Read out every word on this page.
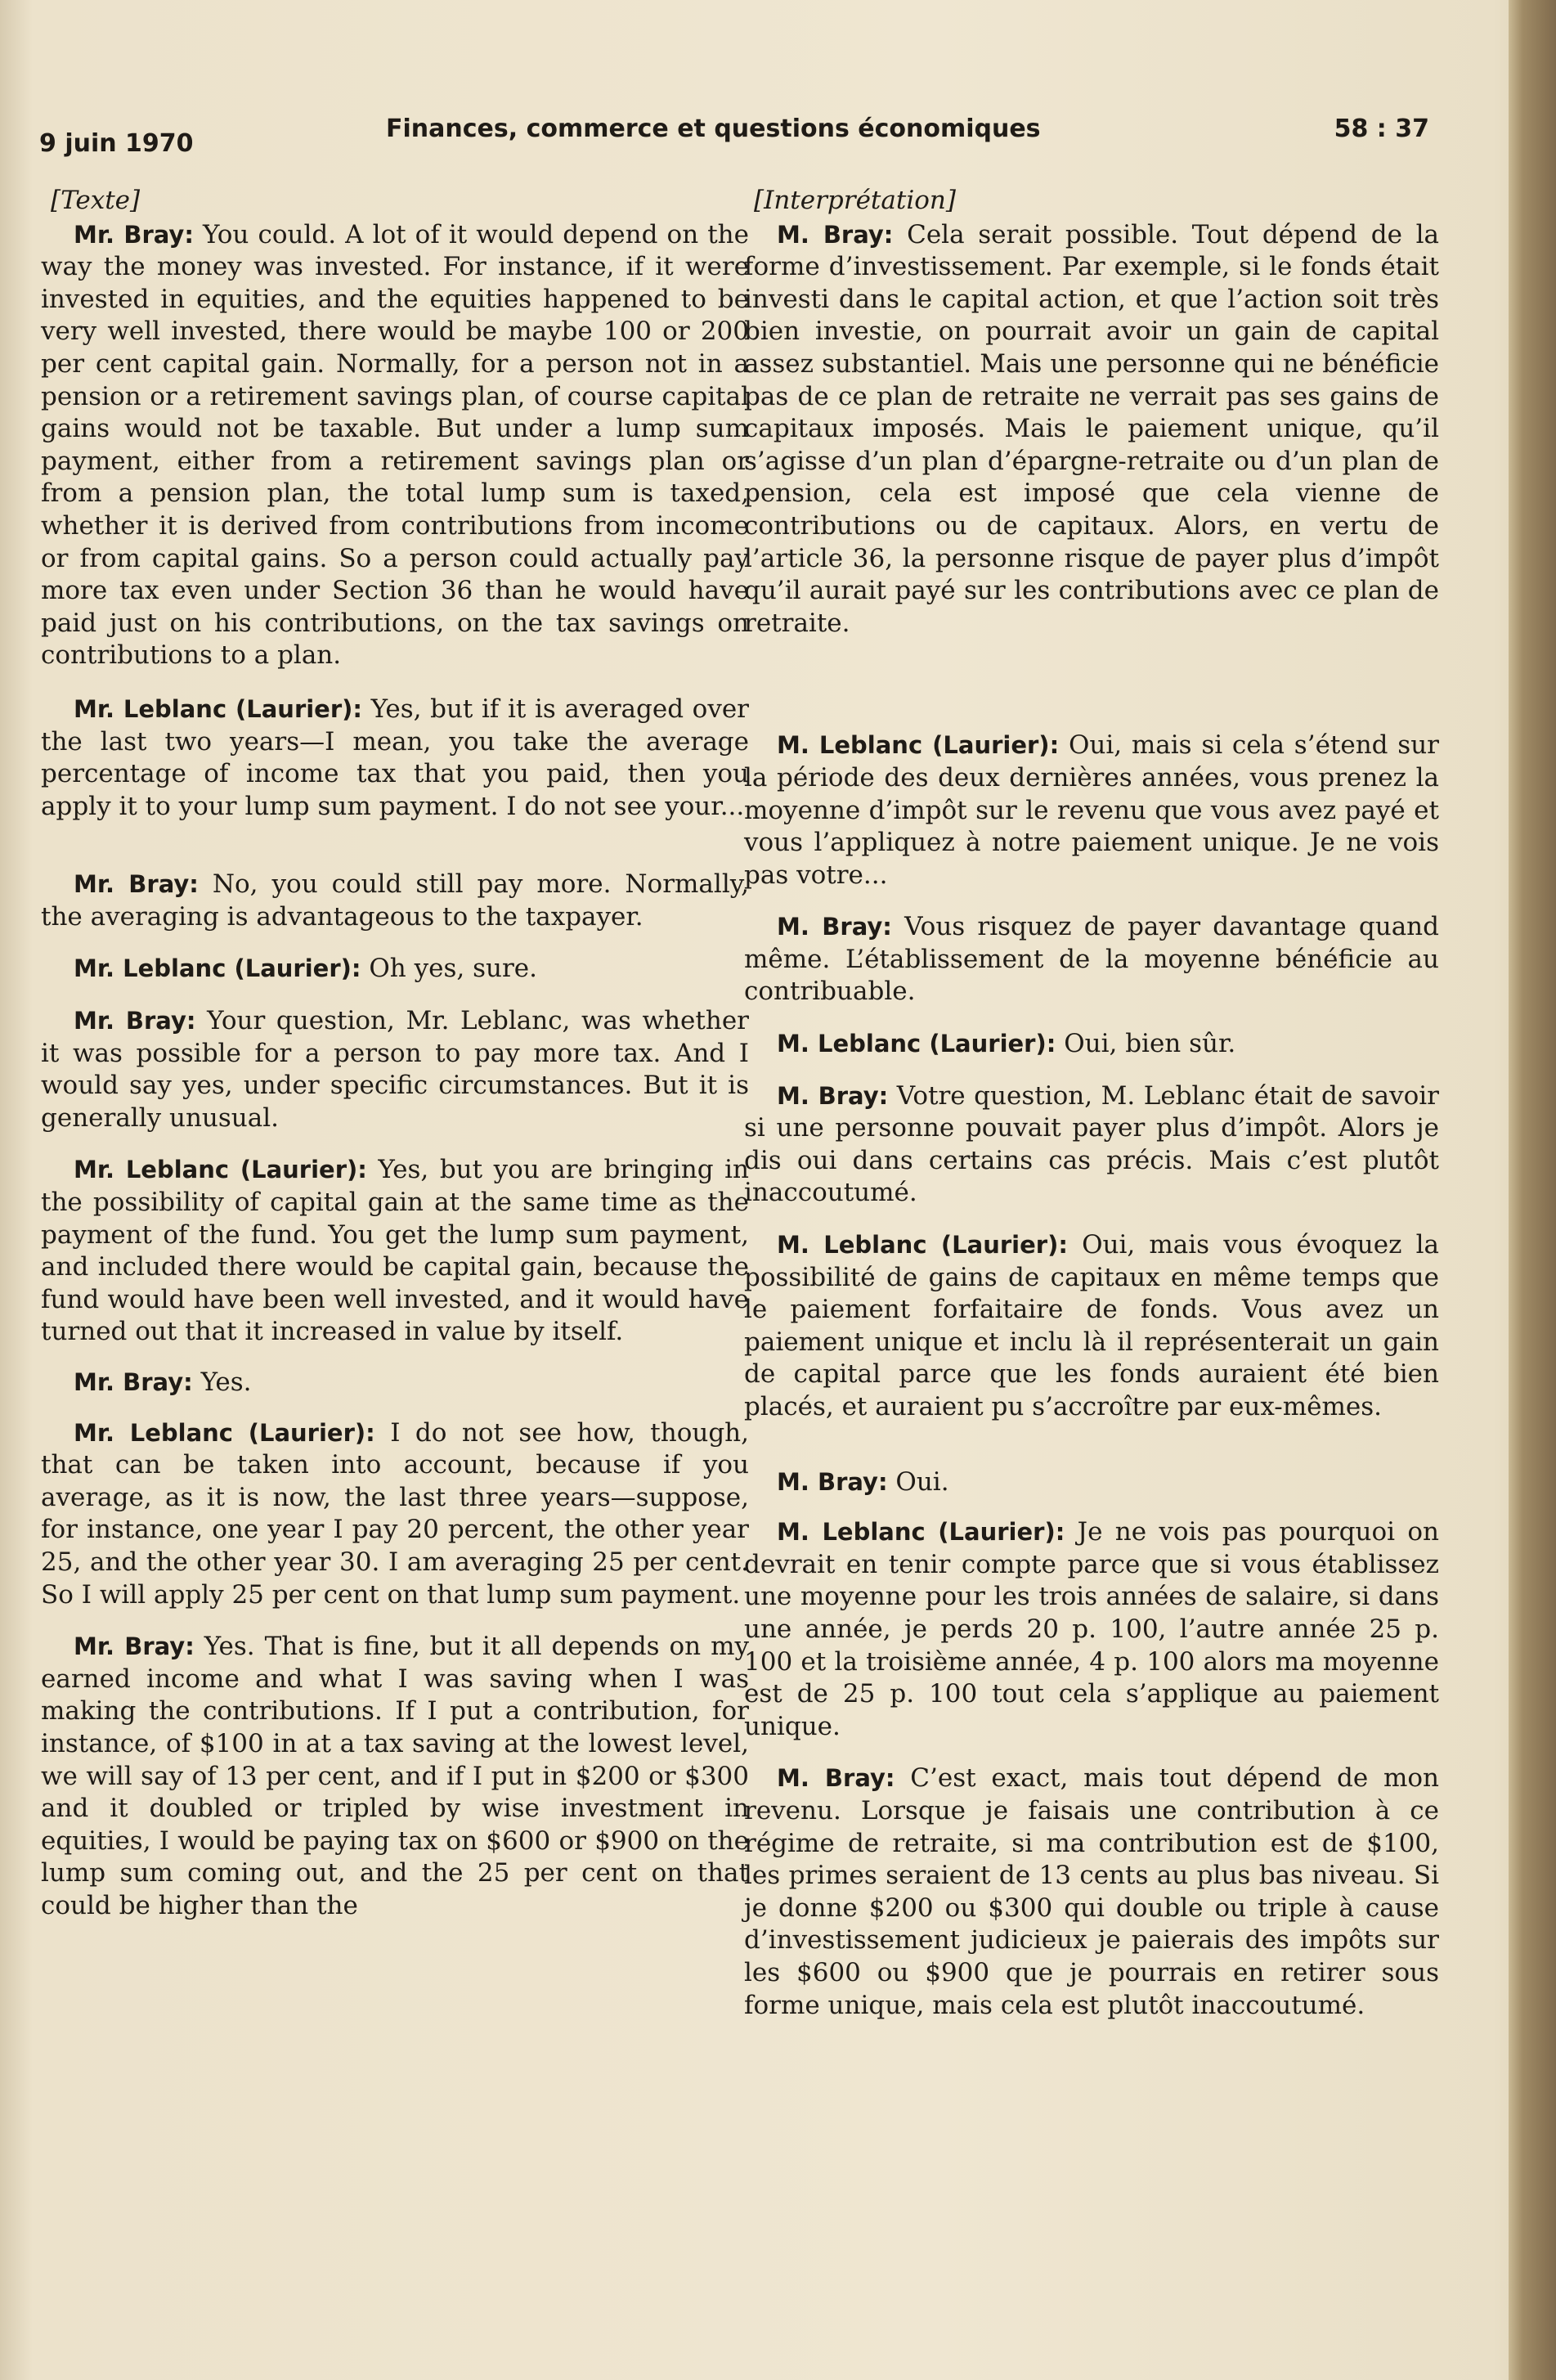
9 juin 1970
Finances, commerce et questions économiques	58 : 37
[Texte]

Mr. Bray: You could. A lot of it would depend on the way the money was invested. For instance, if it were invested in equities, and the equities happened to be very well invested, there would be maybe 100 or 200 per cent capital gain. Normally, for a person not in a pension or a retirement savings plan, of course capital gains would not be taxable. But under a lump sum payment, either from a retirement savings plan or from a pension plan, the total lump sum is taxed, whether it is derived from contributions from income or from capital gains. So a person could actually pay more tax even under Section 36 than he would have paid just on his contributions, on the tax savings on contributions to a plan.

Mr. Leblanc (Laurier): Yes, but if it is averaged over the last two years—I mean, you take the average percentage of income tax that you paid, then you apply it to your lump sum payment. I do not see your...

Mr. Bray: No, you could still pay more. Normally, the averaging is advantageous to the taxpayer.

Mr. Leblanc (Laurier): Oh yes, sure.

Mr. Bray: Your question, Mr. Leblanc, was whether it was possible for a person to pay more tax. And I would say yes, under specific circumstances. But it is generally unusual.

Mr. Leblanc (Laurier): Yes, but you are bringing in the possibility of capital gain at the same time as the payment of the fund. You get the lump sum payment, and included there would be capital gain, because the fund would have been well invested, and it would have turned out that it increased in value by itself.

Mr. Bray: Yes.

Mr. Leblanc (Laurier): I do not see how, though, that can be taken into account, because if you average, as it is now, the last three years—suppose, for instance, one year I pay 20 percent, the other year 25, and the other year 30. I am averaging 25 per cent. So I will apply 25 per cent on that lump sum payment.

Mr. Bray: Yes. That is fine, but it all depends on my earned income and what I was saving when I was making the contributions. If I put a contribution, for instance, of $100 in at a tax saving at the lowest level, we will say of 13 per cent, and if I put in $200 or $300 and it doubled or tripled by wise investment in equities, I would be paying tax on $600 or $900 on the lump sum coming out, and the 25 per cent on that could be higher than the

[Interprétation]

M. Bray: Cela serait possible. Tout dépend de la forme d’investissement. Par exemple, si le fonds était investi dans le capital action, et que l’action soit très bien investie, on pourrait avoir un gain de capital assez substantiel. Mais une personne qui ne bénéficie pas de ce plan de retraite ne verrait pas ses gains de capitaux imposés. Mais le paiement unique, qu’il s’agisse d’un plan d’épargne-retraite ou d’un plan de pension, cela est imposé que cela vienne de contributions ou de capitaux. Alors, en vertu de l’article 36, la personne risque de payer plus d’impôt qu’il aurait payé sur les contributions avec ce plan de retraite.

M. Leblanc (Laurier): Oui, mais si cela s’étend sur la période des deux dernières années, vous prenez la moyenne d’impôt sur le revenu que vous avez payé et vous l’appliquez à notre paiement unique. Je ne vois pas votre...

M. Bray: Vous risquez de payer davantage quand même. L’établissement de la moyenne bénéficie au contribuable.

M. Leblanc (Laurier): Oui, bien sûr.

M. Bray: Votre question, M. Leblanc était de savoir si une personne pouvait payer plus d’impôt. Alors je dis oui dans certains cas précis. Mais c’est plutôt inaccoutumé.

M. Leblanc (Laurier): Oui, mais vous évoquez la possibilité de gains de capitaux en même temps que le paiement forfaitaire de fonds. Vous avez un paiement unique et inclu là il représenterait un gain de capital parce que les fonds auraient été bien placés, et auraient pu s’accroître par eux-mêmes.

M. Bray: Oui.

M. Leblanc (Laurier): Je ne vois pas pourquoi on devrait en tenir compte parce que si vous établissez une moyenne pour les trois années de salaire, si dans une année, je perds 20 p. 100, l’autre année 25 p. 100 et la troisième année, 4 p. 100 alors ma moyenne est de 25 p. 100 tout cela s’applique au paiement unique.

M. Bray: C’est exact, mais tout dépend de mon revenu. Lorsque je faisais une contribution à ce régime de retraite, si ma contribution est de $100, les primes seraient de 13 cents au plus bas niveau. Si je donne $200 ou $300 qui double ou triple à cause d’investissement judicieux je paierais des impôts sur les $600 ou $900 que je pourrais en retirer sous forme unique, mais cela est plutôt inaccoutumé.
